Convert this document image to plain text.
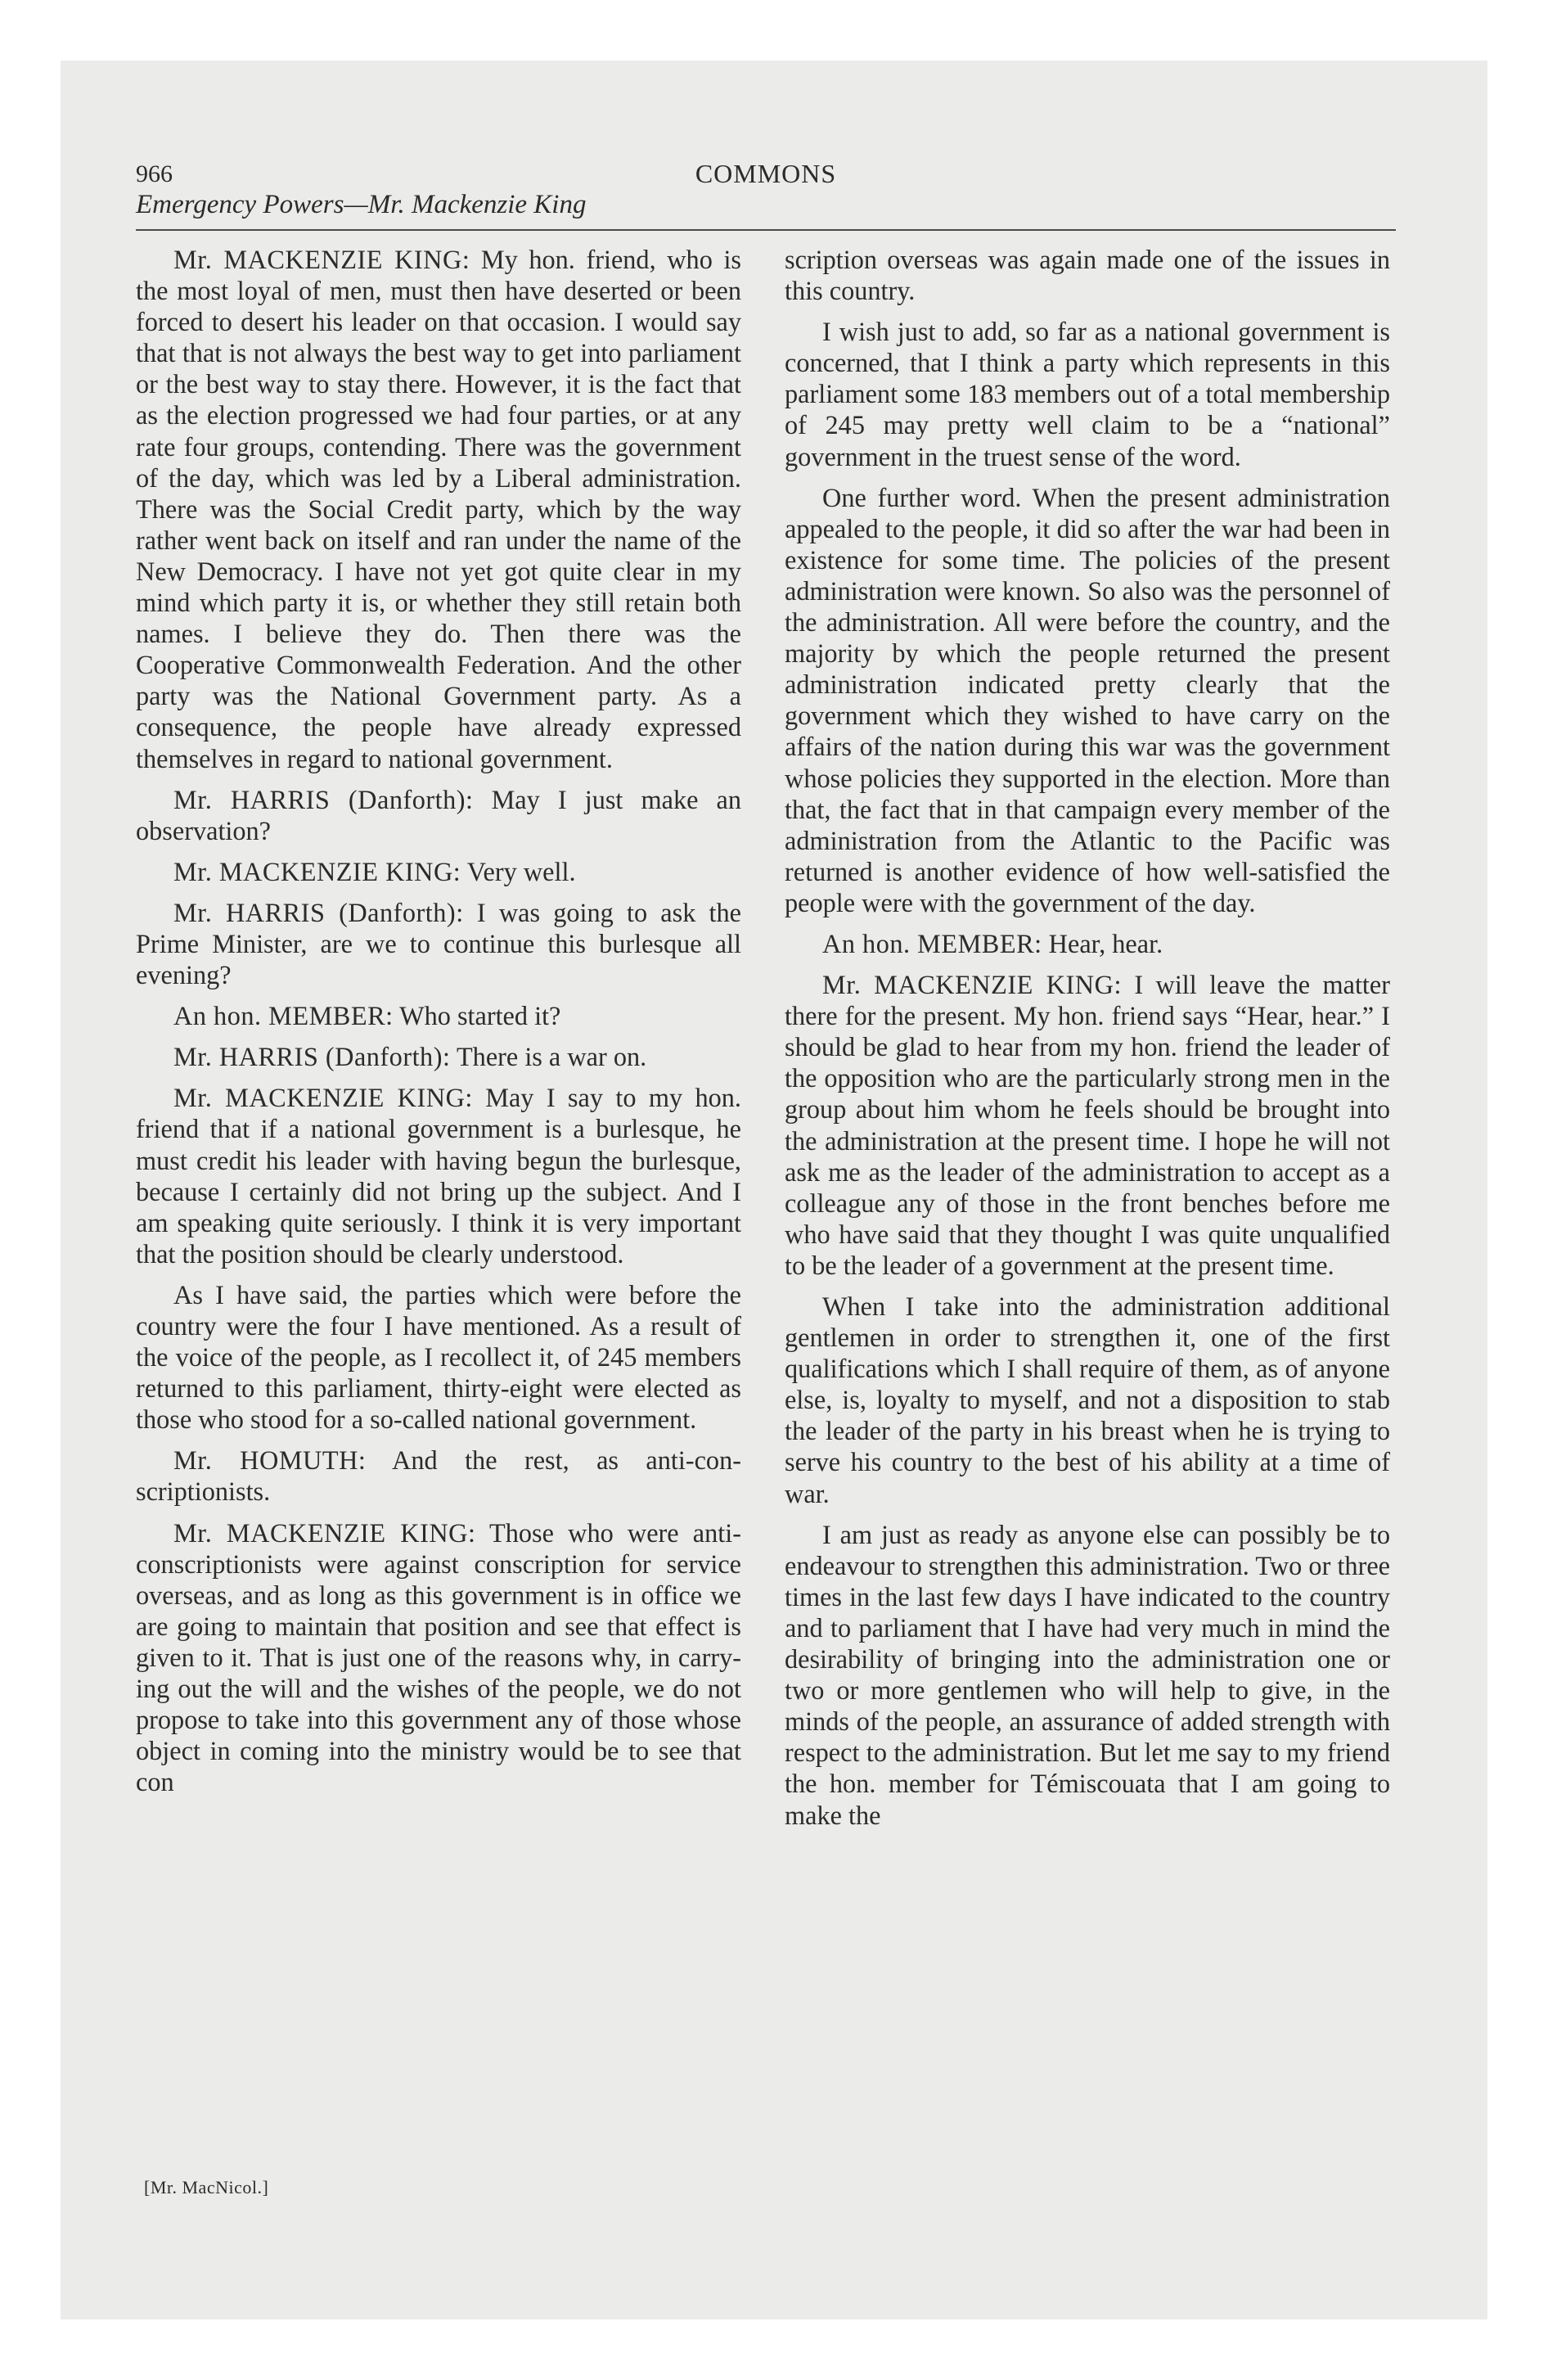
966	COMMONS
Emergency Powers—Mr. Mackenzie King

Mr. MACKENZIE KING: My hon. friend, who is the most loyal of men, must then have deserted or been forced to desert his leader on that occasion. I would say that that is not always the best way to get into parliament or the best way to stay there. However, it is the fact that as the election progressed we had four parties, or at any rate four groups, contending. There was the government of the day, which was led by a Liberal administration. There was the Social Credit party, which by the way rather went back on itself and ran under the name of the New Democracy. I have not yet got quite clear in my mind which party it is, or whether they still retain both names. I believe they do. Then there was the Cooperative Commonwealth Federation. And the other party was the National Government party. As a consequence, the people have already expressed themselves in regard to national government.

Mr. HARRIS (Danforth): May I just make an observation?

Mr. MACKENZIE KING: Very well.

Mr. HARRIS (Danforth): I was going to ask the Prime Minister, are we to continue this burlesque all evening?

An hon. MEMBER: Who started it?

Mr. HARRIS (Danforth): There is a war on.

Mr. MACKENZIE KING: May I say to my hon. friend that if a national government is a burlesque, he must credit his leader with having begun the burlesque, because I certainly did not bring up the subject. And I am speaking quite seriously. I think it is very important that the position should be clearly understood.

As I have said, the parties which were before the country were the four I have mentioned. As a result of the voice of the people, as I recollect it, of 245 members returned to this parliament, thirty-eight were elected as those who stood for a so-called national government.

Mr. HOMUTH: And the rest, as anti-conscriptionists.

Mr. MACKENZIE KING: Those who were anti-conscriptionists were against conscription for service overseas, and as long as this government is in office we are going to maintain that position and see that effect is given to it. That is just one of the reasons why, in carrying out the will and the wishes of the people, we do not propose to take into this government any of those whose object in coming into the ministry would be to see that con

scription overseas was again made one of the issues in this country.

I wish just to add, so far as a national government is concerned, that I think a party which represents in this parliament some 183 members out of a total membership of 245 may pretty well claim to be a “national” government in the truest sense of the word.

One further word. When the present administration appealed to the people, it did so after the war had been in existence for some time. The policies of the present administration were known. So also was the personnel of the administration. All were before the country, and the majority by which the people returned the present administration indicated pretty clearly that the government which they wished to have carry on the affairs of the nation during this war was the government whose policies they supported in the election. More than that, the fact that in that campaign every member of the administration from the Atlantic to the Pacific was returned is another evidence of how well-satisfied the people were with the government of the day.

An hon. MEMBER: Hear, hear.

Mr. MACKENZIE KING: I will leave the matter there for the present. My hon. friend says “Hear, hear.” I should be glad to hear from my hon. friend the leader of the opposition who are the particularly strong men in the group about him whom he feels should be brought into the administration at the present time. I hope he will not ask me as the leader of the administration to accept as a colleague any of those in the front benches before me who have said that they thought I was quite unqualified to be the leader of a government at the present time.

When I take into the administration additional gentlemen in order to strengthen it, one of the first qualifications which I shall require of them, as of anyone else, is, loyalty to myself, and not a disposition to stab the leader of the party in his breast when he is trying to serve his country to the best of his ability at a time of war.

I am just as ready as anyone else can possibly be to endeavour to strengthen this administration. Two or three times in the last few days I have indicated to the country and to parliament that I have had very much in mind the desirability of bringing into the administration one or two or more gentlemen who will help to give, in the minds of the people, an assurance of added strength with respect to the administration. But let me say to my friend the hon. member for Témiscouata that I am going to make the

[Mr. MacNicol.]
